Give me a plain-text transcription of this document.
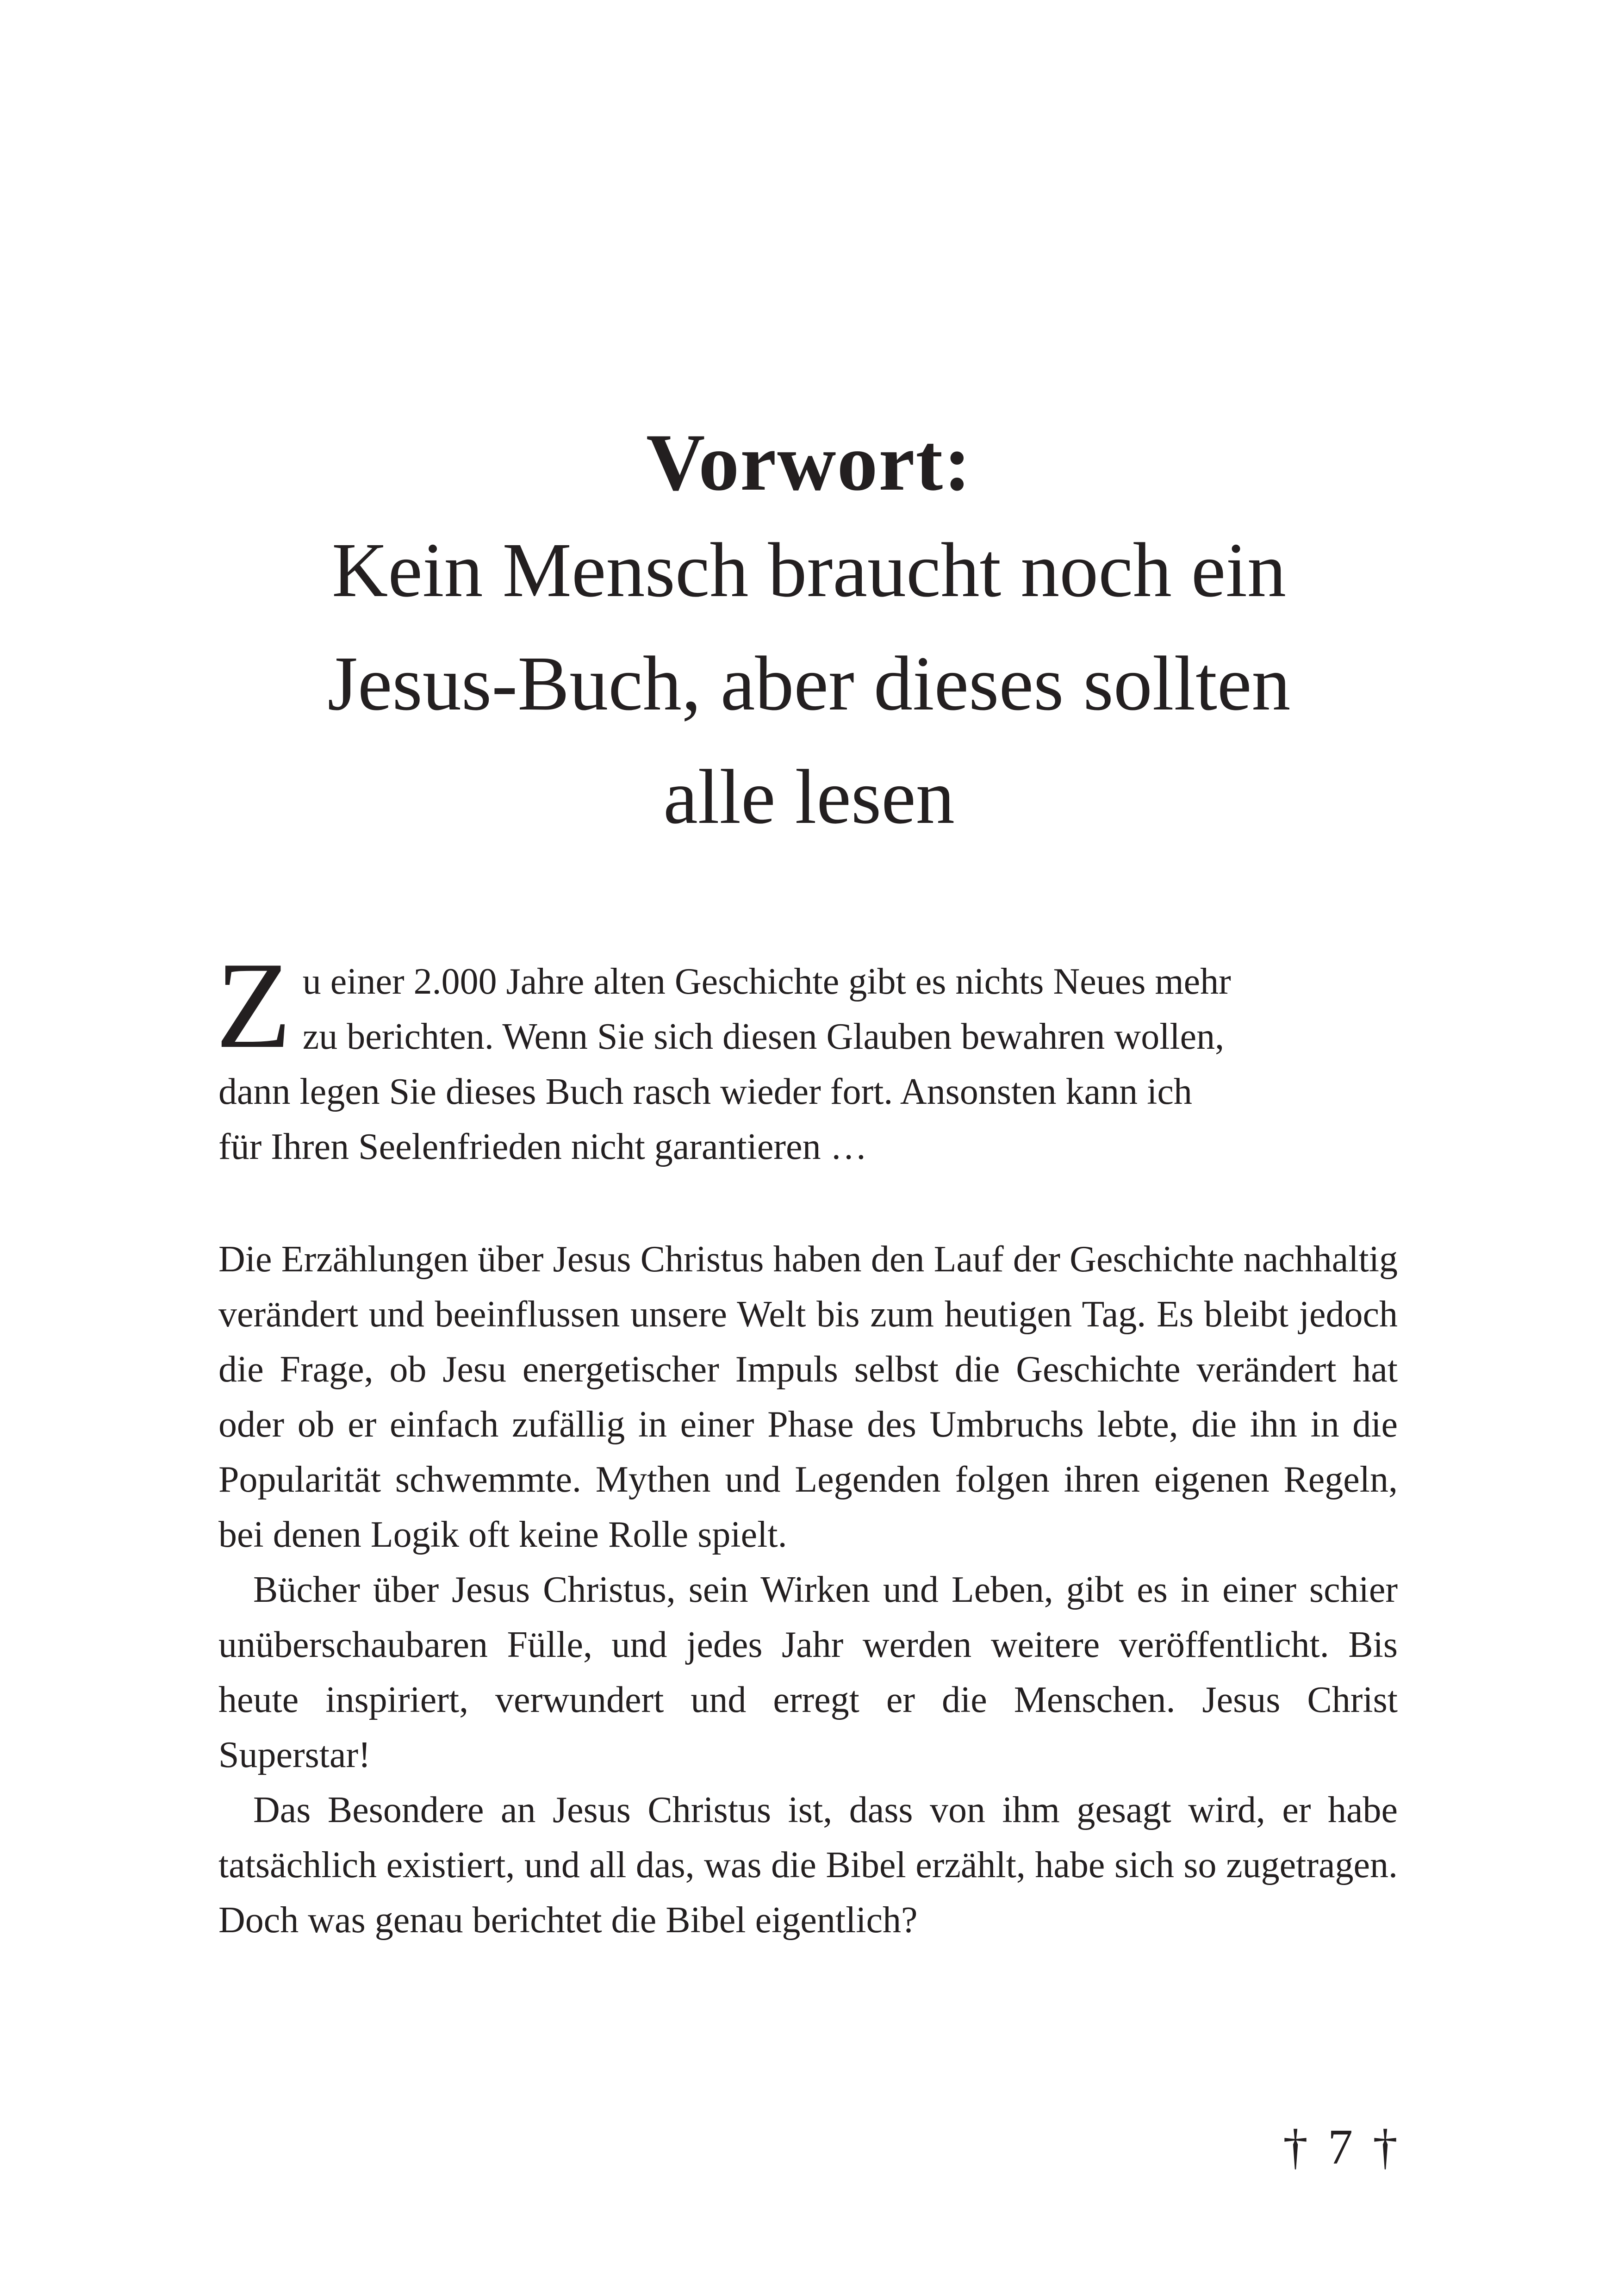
Vorwort:
Kein Mensch braucht noch ein
Jesus-Buch, aber dieses sollten
alle lesen
Z u einer 2.000 Jahre alten Geschichte gibt es nichts Neues mehr

zu berichten. Wenn Sie sich diesen Glauben bewahren wollen,

dann legen Sie dieses Buch rasch wieder fort. Ansonsten kann ich

für Ihren Seelenfrieden nicht garantieren …

Die Erzählungen über Jesus Christus haben den Lauf der Geschichte nachhaltig verändert und beeinflussen unsere Welt bis zum heutigen Tag. Es bleibt jedoch die Frage, ob Jesu energetischer Impuls selbst die Geschichte verändert hat oder ob er einfach zufällig in einer Phase des Umbruchs lebte, die ihn in die Popularität schwemmte. Mythen und Legenden folgen ihren eigenen Regeln, bei denen Logik oft keine Rolle spielt.

Bücher über Jesus Christus, sein Wirken und Leben, gibt es in einer schier unüberschaubaren Fülle, und jedes Jahr werden weitere veröffentlicht. Bis heute inspiriert, verwundert und erregt er die Menschen. Jesus Christ Superstar!

Das Besondere an Jesus Christus ist, dass von ihm gesagt wird, er habe tatsächlich existiert, und all das, was die Bibel erzählt, habe sich so zugetragen. Doch was genau berichtet die Bibel eigentlich?

† 7 †
